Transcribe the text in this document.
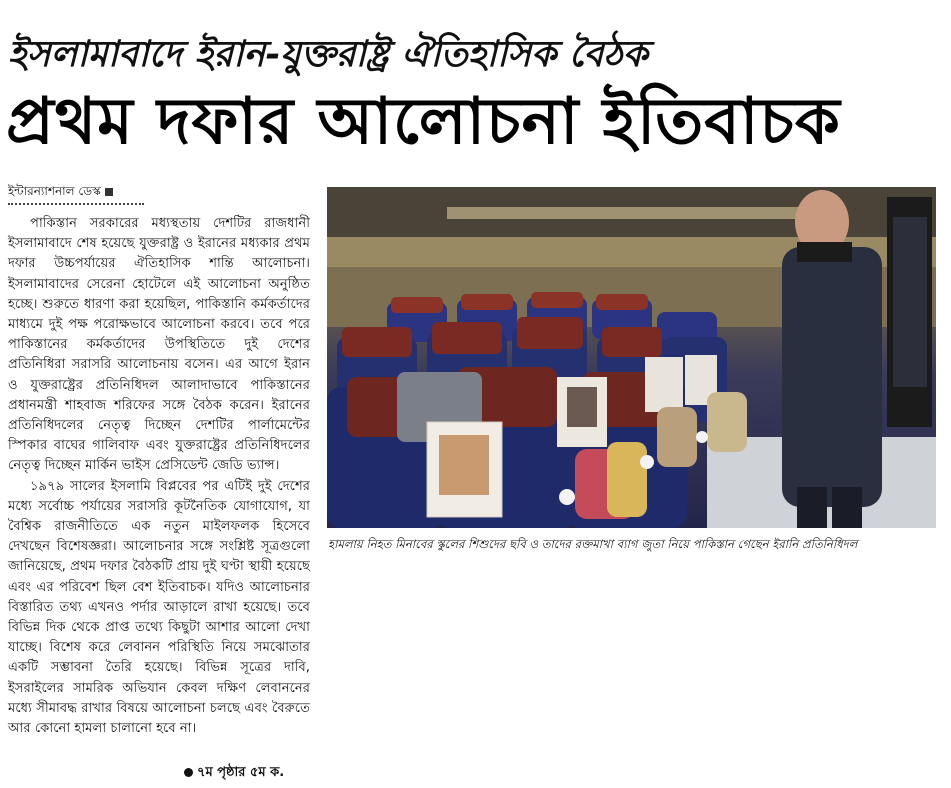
ইসলামাবাদে ইরান-যুক্তরাষ্ট্র ঐতিহাসিক বৈঠক
প্রথম দফার আলোচনা ইতিবাচক
ইন্টারন্যাশনাল ডেস্ক

পাকিস্তান সরকারের মধ্যস্থতায় দেশটির রাজধানী ইসলামাবাদে শেষ হয়েছে যুক্তরাষ্ট্র ও ইরানের মধ্যকার প্রথম দফার উচ্চপর্যায়ের ঐতিহাসিক শান্তি আলোচনা। ইসলামাবাদের সেরেনা হোটেলে এই আলোচনা অনুষ্ঠিত হচ্ছে। শুরুতে ধারণা করা হয়েছিল, পাকিস্তানি কর্মকর্তাদের মাধ্যমে দুই পক্ষ পরোক্ষভাবে আলোচনা করবে। তবে পরে পাকিস্তানের কর্মকর্তাদের উপস্থিতিতে দুই দেশের প্রতিনিধিরা সরাসরি আলোচনায় বসেন। এর আগে ইরান ও যুক্তরাষ্ট্রের প্রতিনিধিদল আলাদাভাবে পাকিস্তানের প্রধানমন্ত্রী শাহবাজ শরিফের সঙ্গে বৈঠক করেন। ইরানের প্রতিনিধিদলের নেতৃত্ব দিচ্ছেন দেশটির পার্লামেন্টের স্পিকার বাঘের গালিবাফ এবং যুক্তরাষ্ট্রের প্রতিনিধিদলের নেতৃত্ব দিচ্ছেন মার্কিন ভাইস প্রেসিডেন্ট জেডি ভ্যান্স।

১৯৭৯ সালের ইসলামি বিপ্লবের পর এটিই দুই দেশের মধ্যে সর্বোচ্চ পর্যায়ের সরাসরি কূটনৈতিক যোগাযোগ, যা বৈশ্বিক রাজনীতিতে এক নতুন মাইলফলক হিসেবে দেখছেন বিশেষজ্ঞরা। আলোচনার সঙ্গে সংশ্লিষ্ট সূত্রগুলো জানিয়েছে, প্রথম দফার বৈঠকটি প্রায় দুই ঘণ্টা স্থায়ী হয়েছে এবং এর পরিবেশ ছিল বেশ ইতিবাচক। যদিও আলোচনার বিস্তারিত তথ্য এখনও পর্দার আড়ালে রাখা হয়েছে। তবে বিভিন্ন দিক থেকে প্রাপ্ত তথ্যে কিছুটা আশার আলো দেখা যাচ্ছে। বিশেষ করে লেবানন পরিস্থিতি নিয়ে সমঝোতার একটি সম্ভাবনা তৈরি হয়েছে। বিভিন্ন সূত্রের দাবি, ইসরাইলের সামরিক অভিযান কেবল দক্ষিণ লেবাননের মধ্যে সীমাবদ্ধ রাখার বিষয়ে আলোচনা চলছে এবং বৈরুতে আর কোনো হামলা চালানো হবে না।

৭ম পৃষ্ঠার ৫ম ক.
হামলায় নিহত মিনাবের স্কুলের শিশুদের ছবি ও তাদের রক্তমাখা ব্যাগ জুতা নিয়ে পাকিস্তান গেছেন ইরানি প্রতিনিধিদল
